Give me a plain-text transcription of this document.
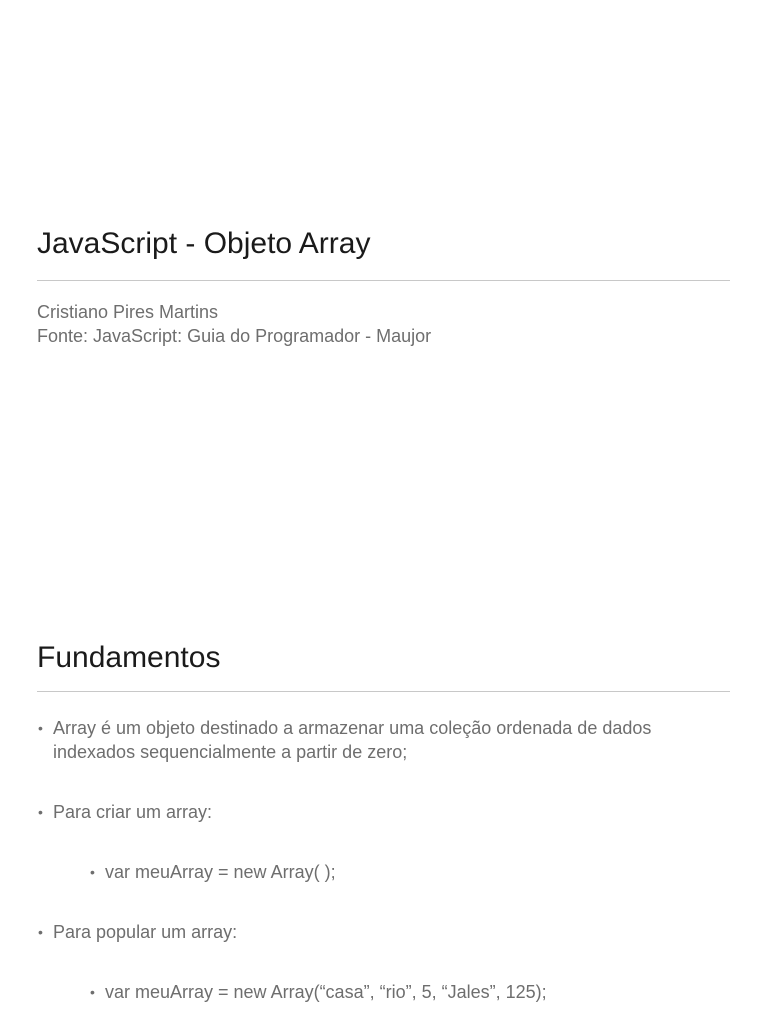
JavaScript - Objeto Array

Cristiano Pires Martins

Fonte: JavaScript: Guia do Programador - Maujor

Fundamentos
• Array é um objeto destinado a armazenar uma coleção ordenada de dados
indexados sequencialmente a partir de zero;
• Para criar um array:
• var meuArray = new Array( );
• Para popular um array:
• var meuArray = new Array(“casa”, “rio”, 5, “Jales”, 125);
